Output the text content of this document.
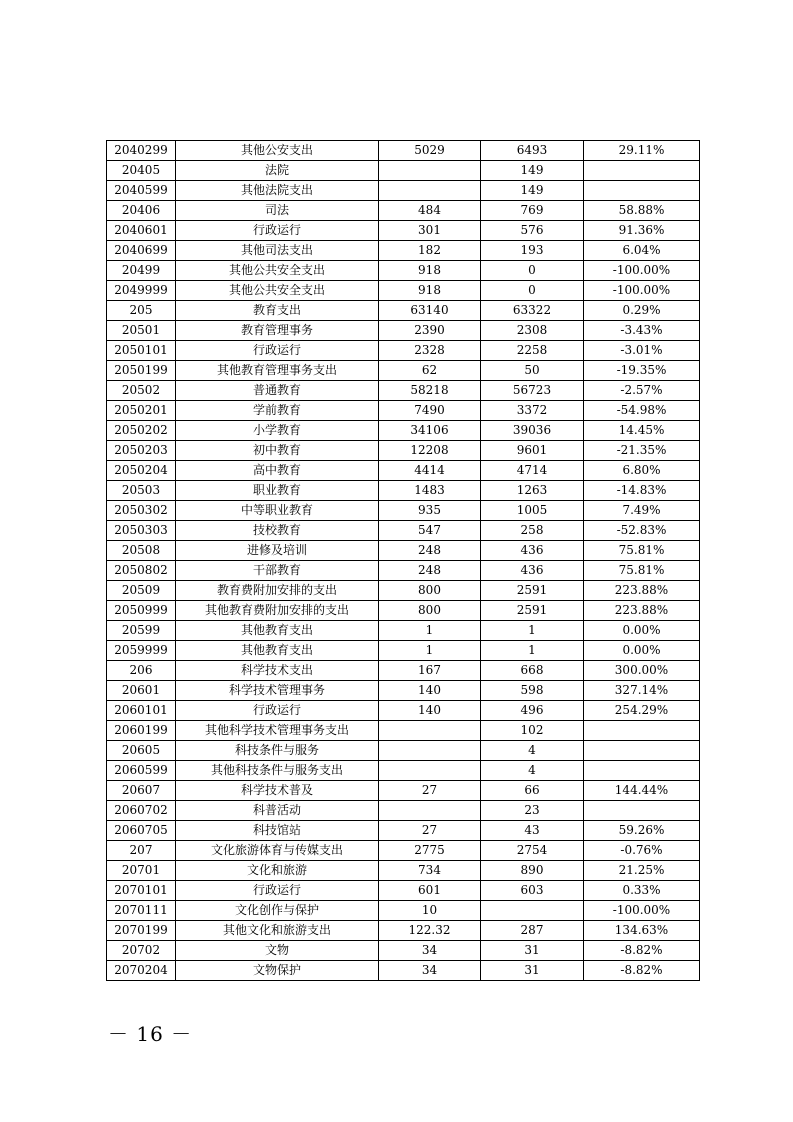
2040299	其他公安支出	5029	6493	29.11%
20405	法院		149	
2040599	其他法院支出		149	
20406	司法	484	769	58.88%
2040601	行政运行	301	576	91.36%
2040699	其他司法支出	182	193	6.04%
20499	其他公共安全支出	918	0	-100.00%
2049999	其他公共安全支出	918	0	-100.00%
205	教育支出	63140	63322	0.29%
20501	教育管理事务	2390	2308	-3.43%
2050101	行政运行	2328	2258	-3.01%
2050199	其他教育管理事务支出	62	50	-19.35%
20502	普通教育	58218	56723	-2.57%
2050201	学前教育	7490	3372	-54.98%
2050202	小学教育	34106	39036	14.45%
2050203	初中教育	12208	9601	-21.35%
2050204	高中教育	4414	4714	6.80%
20503	职业教育	1483	1263	-14.83%
2050302	中等职业教育	935	1005	7.49%
2050303	技校教育	547	258	-52.83%
20508	进修及培训	248	436	75.81%
2050802	干部教育	248	436	75.81%
20509	教育费附加安排的支出	800	2591	223.88%
2050999	其他教育费附加安排的支出	800	2591	223.88%
20599	其他教育支出	1	1	0.00%
2059999	其他教育支出	1	1	0.00%
206	科学技术支出	167	668	300.00%
20601	科学技术管理事务	140	598	327.14%
2060101	行政运行	140	496	254.29%
2060199	其他科学技术管理事务支出		102	
20605	科技条件与服务		4	
2060599	其他科技条件与服务支出		4	
20607	科学技术普及	27	66	144.44%
2060702	科普活动		23	
2060705	科技馆站	27	43	59.26%
207	文化旅游体育与传媒支出	2775	2754	-0.76%
20701	文化和旅游	734	890	21.25%
2070101	行政运行	601	603	0.33%
2070111	文化创作与保护	10		-100.00%
2070199	其他文化和旅游支出	122.32	287	134.63%
20702	文物	34	31	-8.82%
2070204	文物保护	34	31	-8.82%
－ 16 －
